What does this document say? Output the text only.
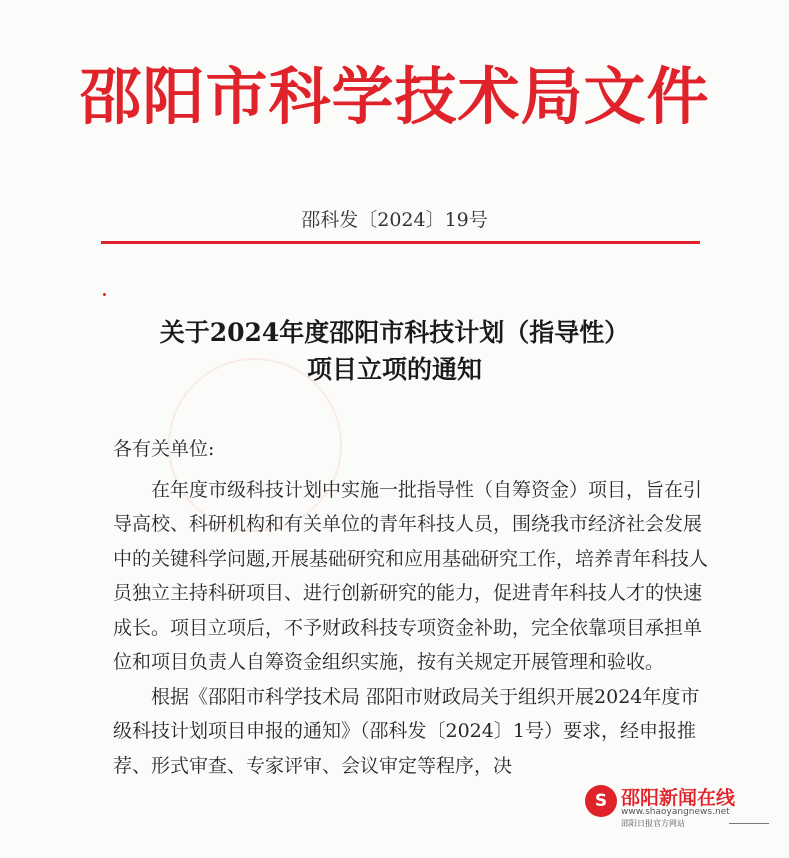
邵阳市科学技术局文件
邵科发〔2024〕19号
关于2024年度邵阳市科技计划（指导性）
项目立项的通知

各有关单位:

在年度市级科技计划中实施一批指导性（自筹资金）项目，旨在引导高校、科研机构和有关单位的青年科技人员，围绕我市经济社会发展中的关键科学问题,开展基础研究和应用基础研究工作，培养青年科技人员独立主持科研项目、进行创新研究的能力，促进青年科技人才的快速成长。项目立项后，不予财政科技专项资金补助，完全依靠项目承担单位和项目负责人自筹资金组织实施，按有关规定开展管理和验收。

根据《邵阳市科学技术局 邵阳市财政局关于组织开展2024年度市级科技计划项目申报的通知》（邵科发〔2024〕1号）要求，经申报推荐、形式审查、专家评审、会议审定等程序，决

S 邵阳新闻在线
www.shaoyangnews.net
邵阳日报官方网站
